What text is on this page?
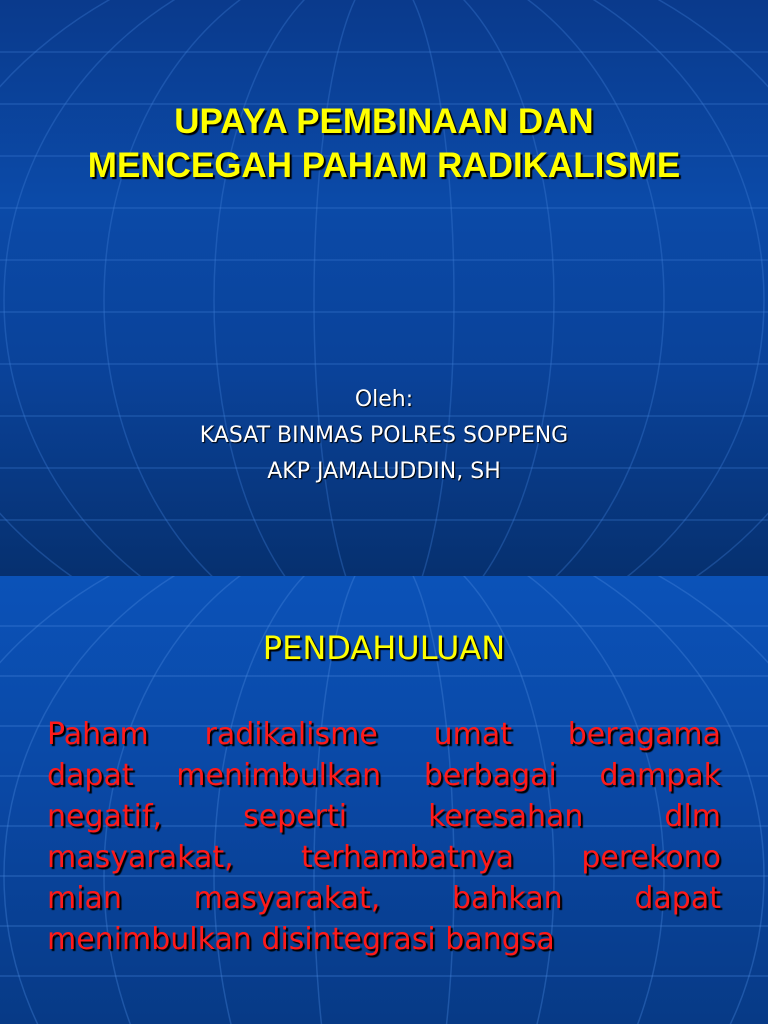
UPAYA PEMBINAAN DAN
MENCEGAH PAHAM RADIKALISME
Oleh:
KASAT BINMAS POLRES SOPPENG
AKP JAMALUDDIN, SH
PENDAHULUAN
Paham radikalisme umat beragama
dapat menimbulkan berbagai dampak
negatif, seperti keresahan dlm
masyarakat, terhambatnya perekono
mian masyarakat, bahkan dapat
menimbulkan disintegrasi bangsa
